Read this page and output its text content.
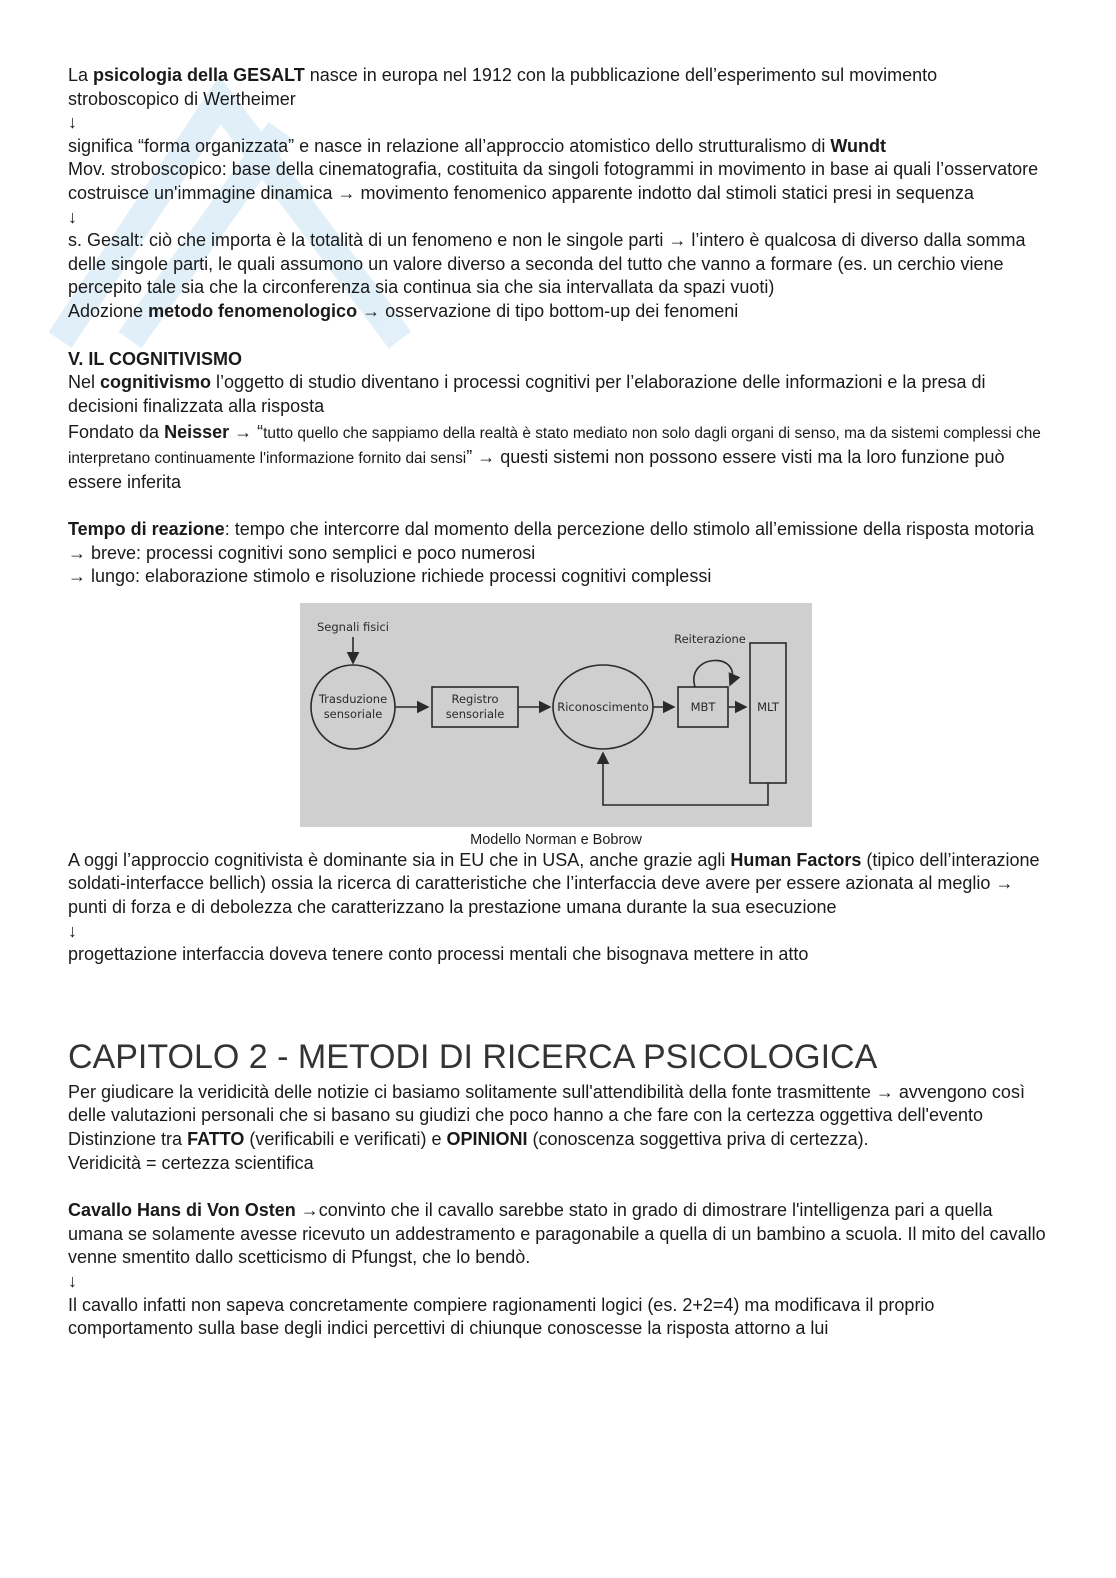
La psicologia della GESALT nasce in europa nel 1912 con la pubblicazione dell’esperimento sul movimento stroboscopico di Wertheimer

↓

significa “forma organizzata” e nasce in relazione all’approccio atomistico dello strutturalismo di Wundt

Mov. stroboscopico: base della cinematografia, costituita da singoli fotogrammi in movimento in base ai quali l’osservatore costruisce un'immagine dinamica → movimento fenomenico apparente indotto dal stimoli statici presi in sequenza

↓

s. Gesalt: ciò che importa è la totalità di un fenomeno e non le singole parti → l’intero è qualcosa di diverso dalla somma delle singole parti, le quali assumono un valore diverso a seconda del tutto che vanno a formare (es. un cerchio viene percepito tale sia che la circonferenza sia continua sia che sia intervallata da spazi vuoti)

Adozione metodo fenomenologico → osservazione di tipo bottom-up dei fenomeni

V. IL COGNITIVISMO

Nel cognitivismo l’oggetto di studio diventano i processi cognitivi per l’elaborazione delle informazioni e la presa di decisioni finalizzata alla risposta

Fondato da Neisser → “tutto quello che sappiamo della realtà è stato mediato non solo dagli organi di senso, ma da sistemi complessi che interpretano continuamente l'informazione fornito dai sensi” → questi sistemi non possono essere visti ma la loro funzione può essere inferita

Tempo di reazione: tempo che intercorre dal momento della percezione dello stimolo all’emissione della risposta motoria

→ breve: processi cognitivi sono semplici e poco numerosi

→ lungo: elaborazione stimolo e risoluzione richiede processi cognitivi complessi

Segnali fisici
Trasduzione
sensoriale
Registro
sensoriale	Riconoscimento	MBT	MLT
Reiterazione

Modello Norman e Bobrow

A oggi l’approccio cognitivista è dominante sia in EU che in USA, anche grazie agli Human Factors (tipico dell’interazione soldati-interfacce bellich) ossia la ricerca di caratteristiche che l’interfaccia deve avere per essere azionata al meglio → punti di forza e di debolezza che caratterizzano la prestazione umana durante la sua esecuzione

↓

progettazione interfaccia doveva tenere conto processi mentali che bisognava mettere in atto

CAPITOLO 2 - METODI DI RICERCA PSICOLOGICA

Per giudicare la veridicità delle notizie ci basiamo solitamente sull'attendibilità della fonte trasmittente → avvengono così delle valutazioni personali che si basano su giudizi che poco hanno a che fare con la certezza oggettiva dell'evento

Distinzione tra FATTO (verificabili e verificati) e OPINIONI (conoscenza soggettiva priva di certezza).

Veridicità = certezza scientifica

Cavallo Hans di Von Osten →convinto che il cavallo sarebbe stato in grado di dimostrare l'intelligenza pari a quella umana se solamente avesse ricevuto un addestramento e paragonabile a quella di un bambino a scuola. Il mito del cavallo venne smentito dallo scetticismo di Pfungst, che lo bendò.

↓

Il cavallo infatti non sapeva concretamente compiere ragionamenti logici (es. 2+2=4) ma modificava il proprio comportamento sulla base degli indici percettivi di chiunque conoscesse la risposta attorno a lui
